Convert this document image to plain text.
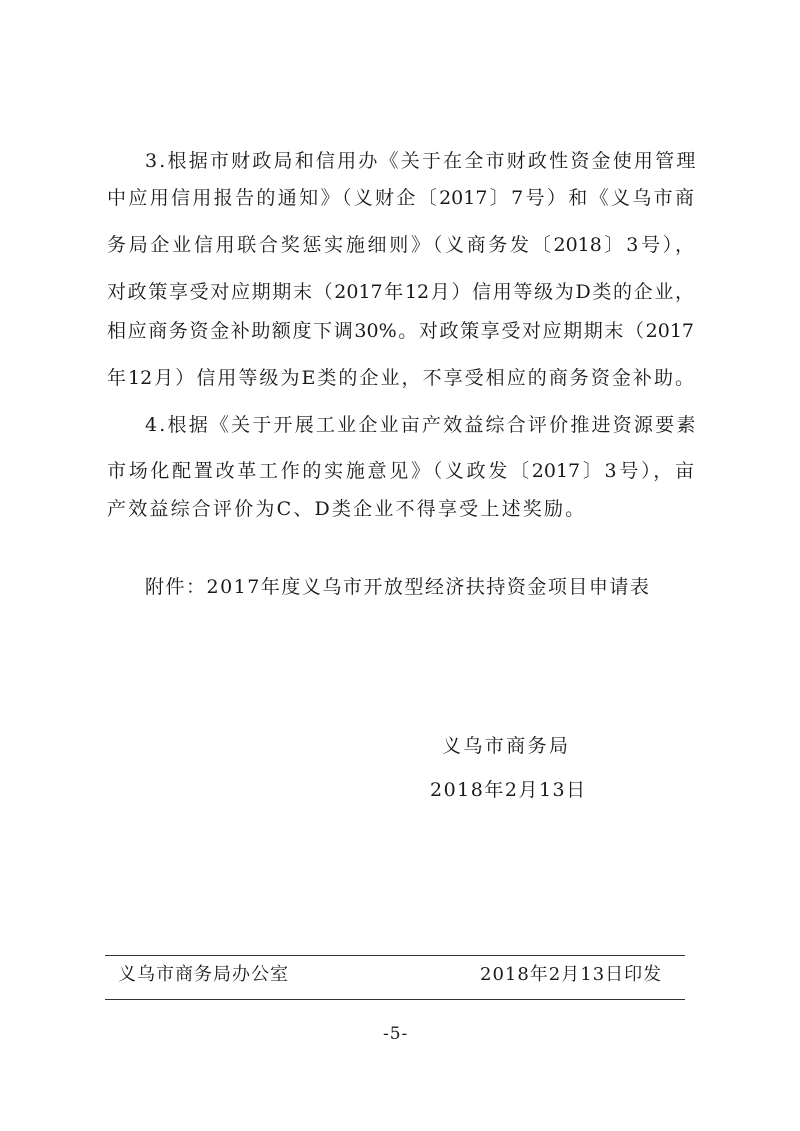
3.根据市财政局和信用办《关于在全市财政性资金使用管理
中应用信用报告的通知》（义财企〔2017〕7号）和《义乌市商
务局企业信用联合奖惩实施细则》（义商务发〔2018〕3号），
对政策享受对应期期末（2017年12月）信用等级为D类的企业，
相应商务资金补助额度下调30%。对政策享受对应期期末（2017
年12月）信用等级为E类的企业，不享受相应的商务资金补助。
4.根据《关于开展工业企业亩产效益综合评价推进资源要素
市场化配置改革工作的实施意见》（义政发〔2017〕3号），亩
产效益综合评价为C、D类企业不得享受上述奖励。
附件：2017年度义乌市开放型经济扶持资金项目申请表
义乌市商务局
2018年2月13日
义乌市商务局办公室	2018年2月13日印发
-5-
